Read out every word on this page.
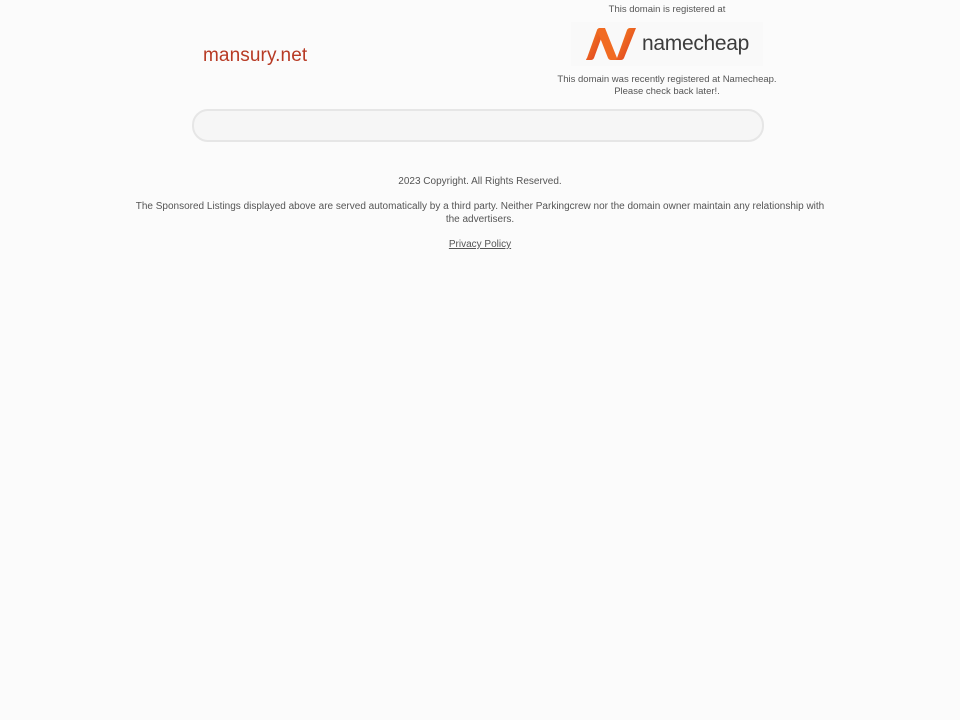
mansury.net
This domain is registered at
namecheap
This domain was recently registered at Namecheap.
Please check back later!.
2023 Copyright. All Rights Reserved.
The Sponsored Listings displayed above are served automatically by a third party. Neither Parkingcrew nor the domain owner maintain any relationship with the advertisers.
Privacy Policy
